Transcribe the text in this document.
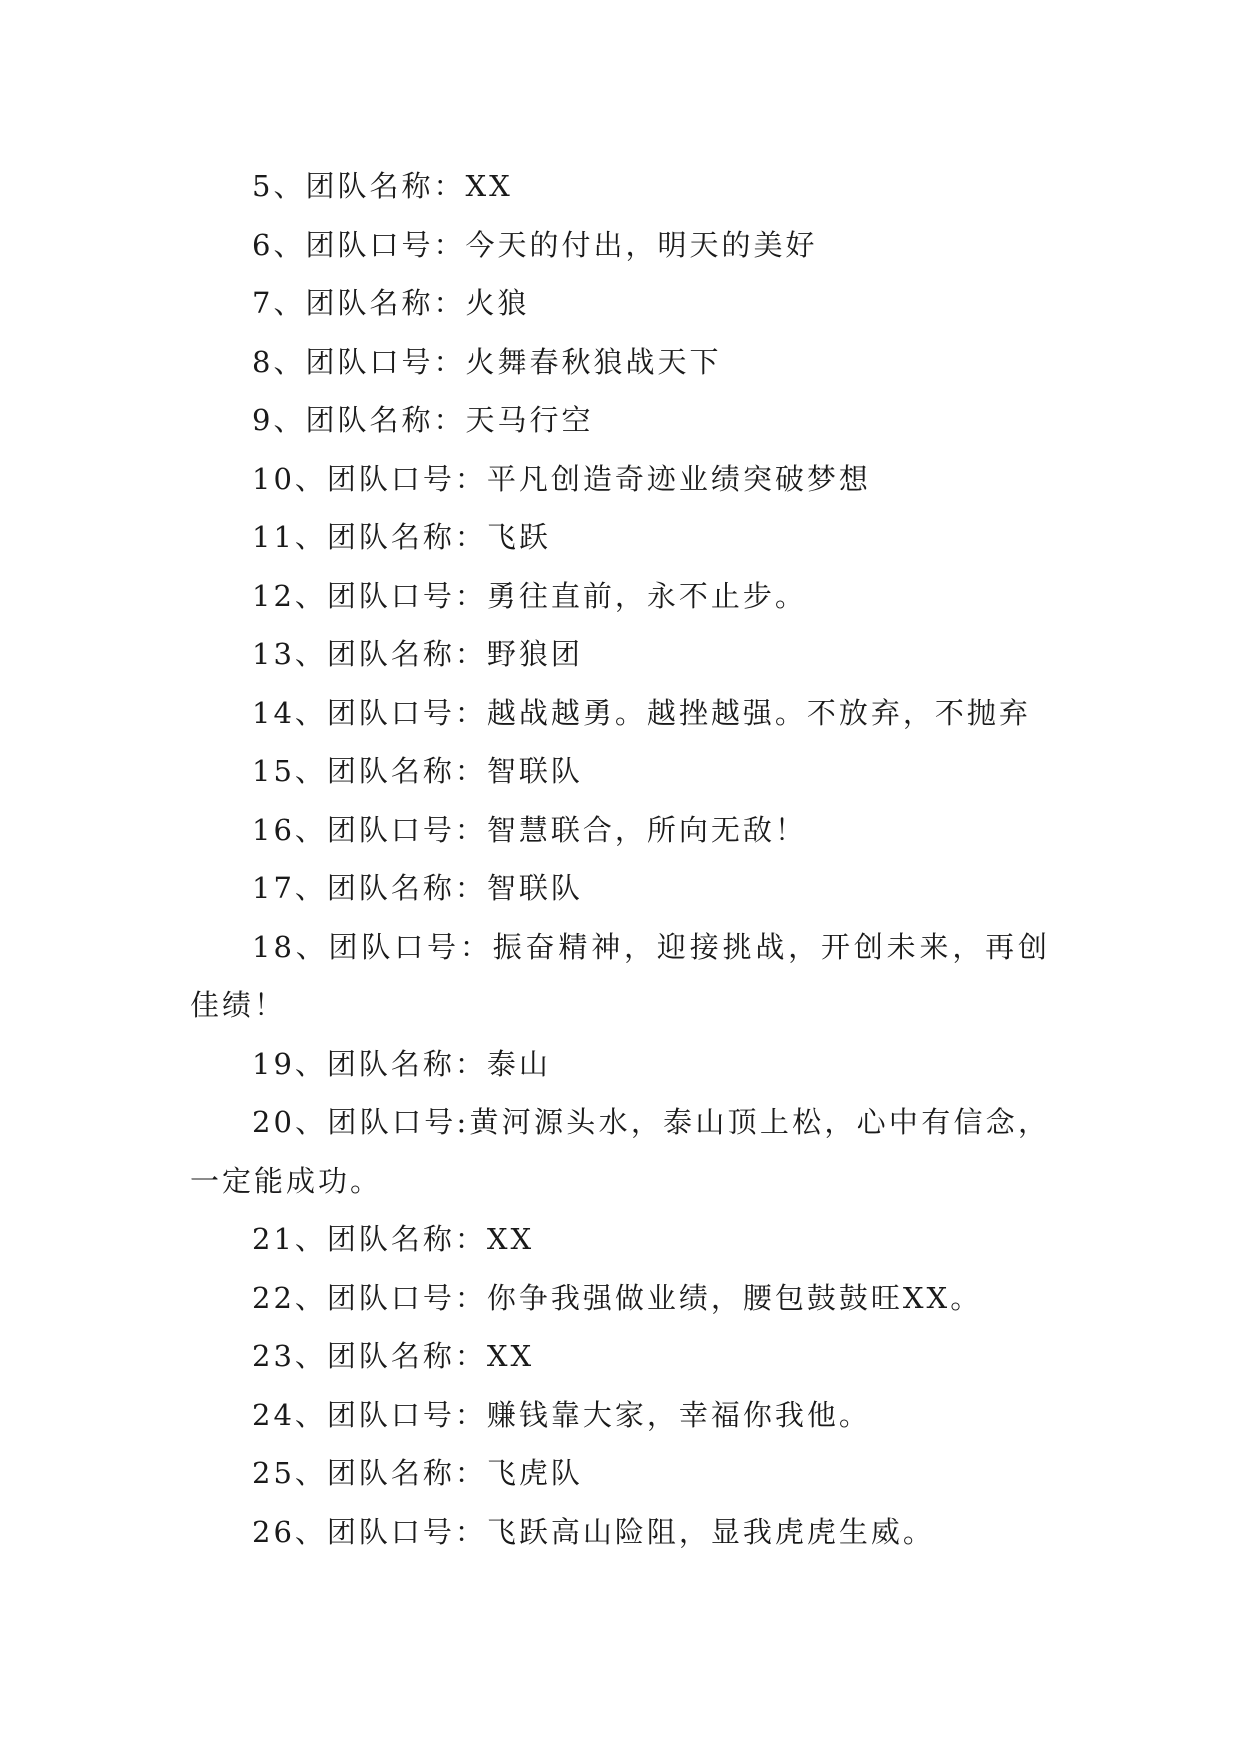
5、团队名称：XX

6、团队口号：今天的付出，明天的美好

7、团队名称：火狼

8、团队口号：火舞春秋狼战天下

9、团队名称：天马行空

10、团队口号：平凡创造奇迹业绩突破梦想

11、团队名称：飞跃

12、团队口号：勇往直前，永不止步。

13、团队名称：野狼团

14、团队口号：越战越勇。越挫越强。不放弃，不抛弃

15、团队名称：智联队

16、团队口号：智慧联合，所向无敌！

17、团队名称：智联队

18、团队口号：振奋精神，迎接挑战，开创未来，再创佳绩！

19、团队名称：泰山

20、团队口号:黄河源头水，泰山顶上松，心中有信念，一定能成功。

21、团队名称：XX

22、团队口号：你争我强做业绩，腰包鼓鼓旺XX。

23、团队名称：XX

24、团队口号：赚钱靠大家，幸福你我他。

25、团队名称：飞虎队

26、团队口号：飞跃高山险阻，显我虎虎生威。
